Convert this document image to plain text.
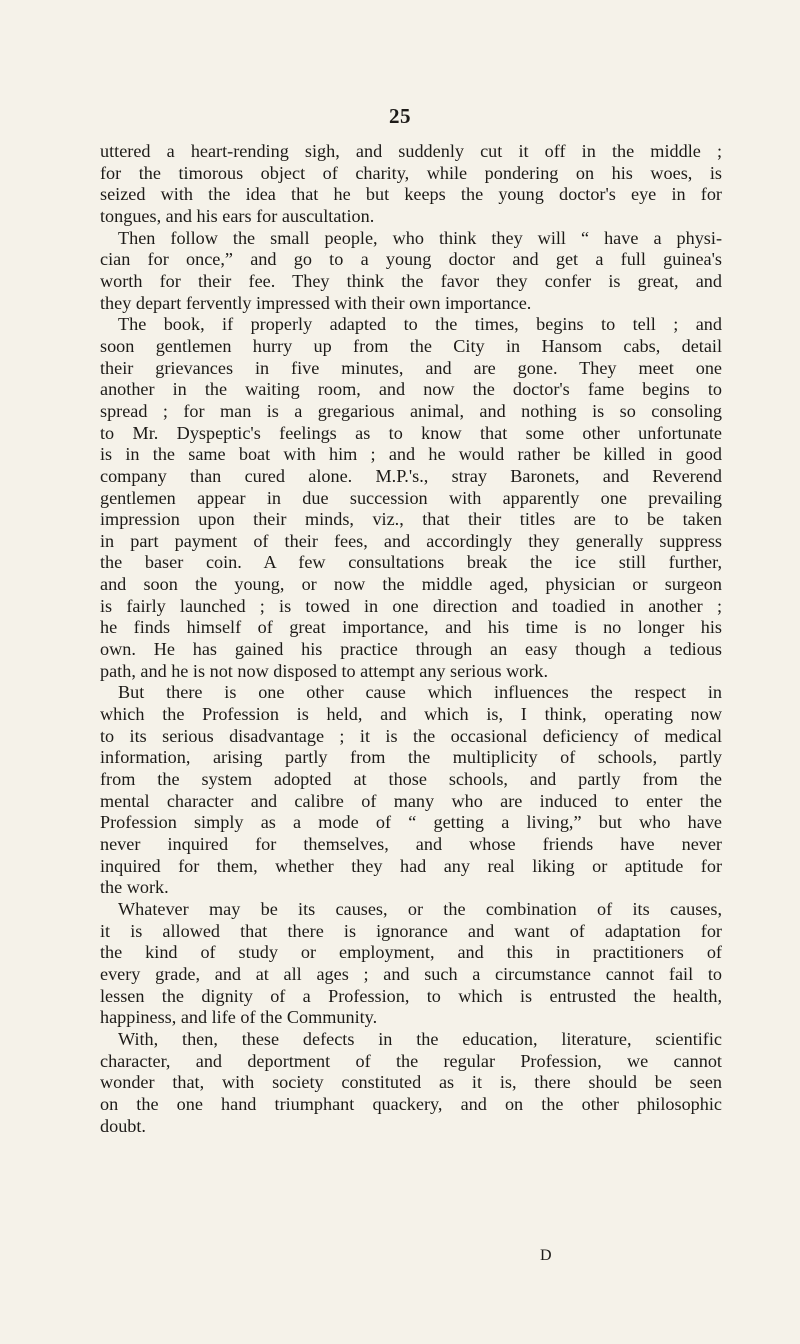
25
uttered a heart-rending sigh, and suddenly cut it off in the middle ;
for the timorous object of charity, while pondering on his woes, is
seized with the idea that he but keeps the young doctor's eye in for
tongues, and his ears for auscultation.
Then follow the small people, who think they will “ have a physi-
cian for once,” and go to a young doctor and get a full guinea's
worth for their fee. They think the favor they confer is great, and
they depart fervently impressed with their own importance.
The book, if properly adapted to the times, begins to tell ; and
soon gentlemen hurry up from the City in Hansom cabs, detail
their grievances in five minutes, and are gone. They meet one
another in the waiting room, and now the doctor's fame begins to
spread ; for man is a gregarious animal, and nothing is so consoling
to Mr. Dyspeptic's feelings as to know that some other unfortunate
is in the same boat with him ; and he would rather be killed in good
company than cured alone. M.P.'s., stray Baronets, and Reverend
gentlemen appear in due succession with apparently one prevailing
impression upon their minds, viz., that their titles are to be taken
in part payment of their fees, and accordingly they generally suppress
the baser coin. A few consultations break the ice still further,
and soon the young, or now the middle aged, physician or surgeon
is fairly launched ; is towed in one direction and toadied in another ;
he finds himself of great importance, and his time is no longer his
own. He has gained his practice through an easy though a tedious
path, and he is not now disposed to attempt any serious work.
But there is one other cause which influences the respect in
which the Profession is held, and which is, I think, operating now
to its serious disadvantage ; it is the occasional deficiency of medical
information, arising partly from the multiplicity of schools, partly
from the system adopted at those schools, and partly from the
mental character and calibre of many who are induced to enter the
Profession simply as a mode of “ getting a living,” but who have
never inquired for themselves, and whose friends have never
inquired for them, whether they had any real liking or aptitude for
the work.
Whatever may be its causes, or the combination of its causes,
it is allowed that there is ignorance and want of adaptation for
the kind of study or employment, and this in practitioners of
every grade, and at all ages ; and such a circumstance cannot fail to
lessen the dignity of a Profession, to which is entrusted the health,
happiness, and life of the Community.
With, then, these defects in the education, literature, scientific
character, and deportment of the regular Profession, we cannot
wonder that, with society constituted as it is, there should be seen
on the one hand triumphant quackery, and on the other philosophic
doubt.
D
